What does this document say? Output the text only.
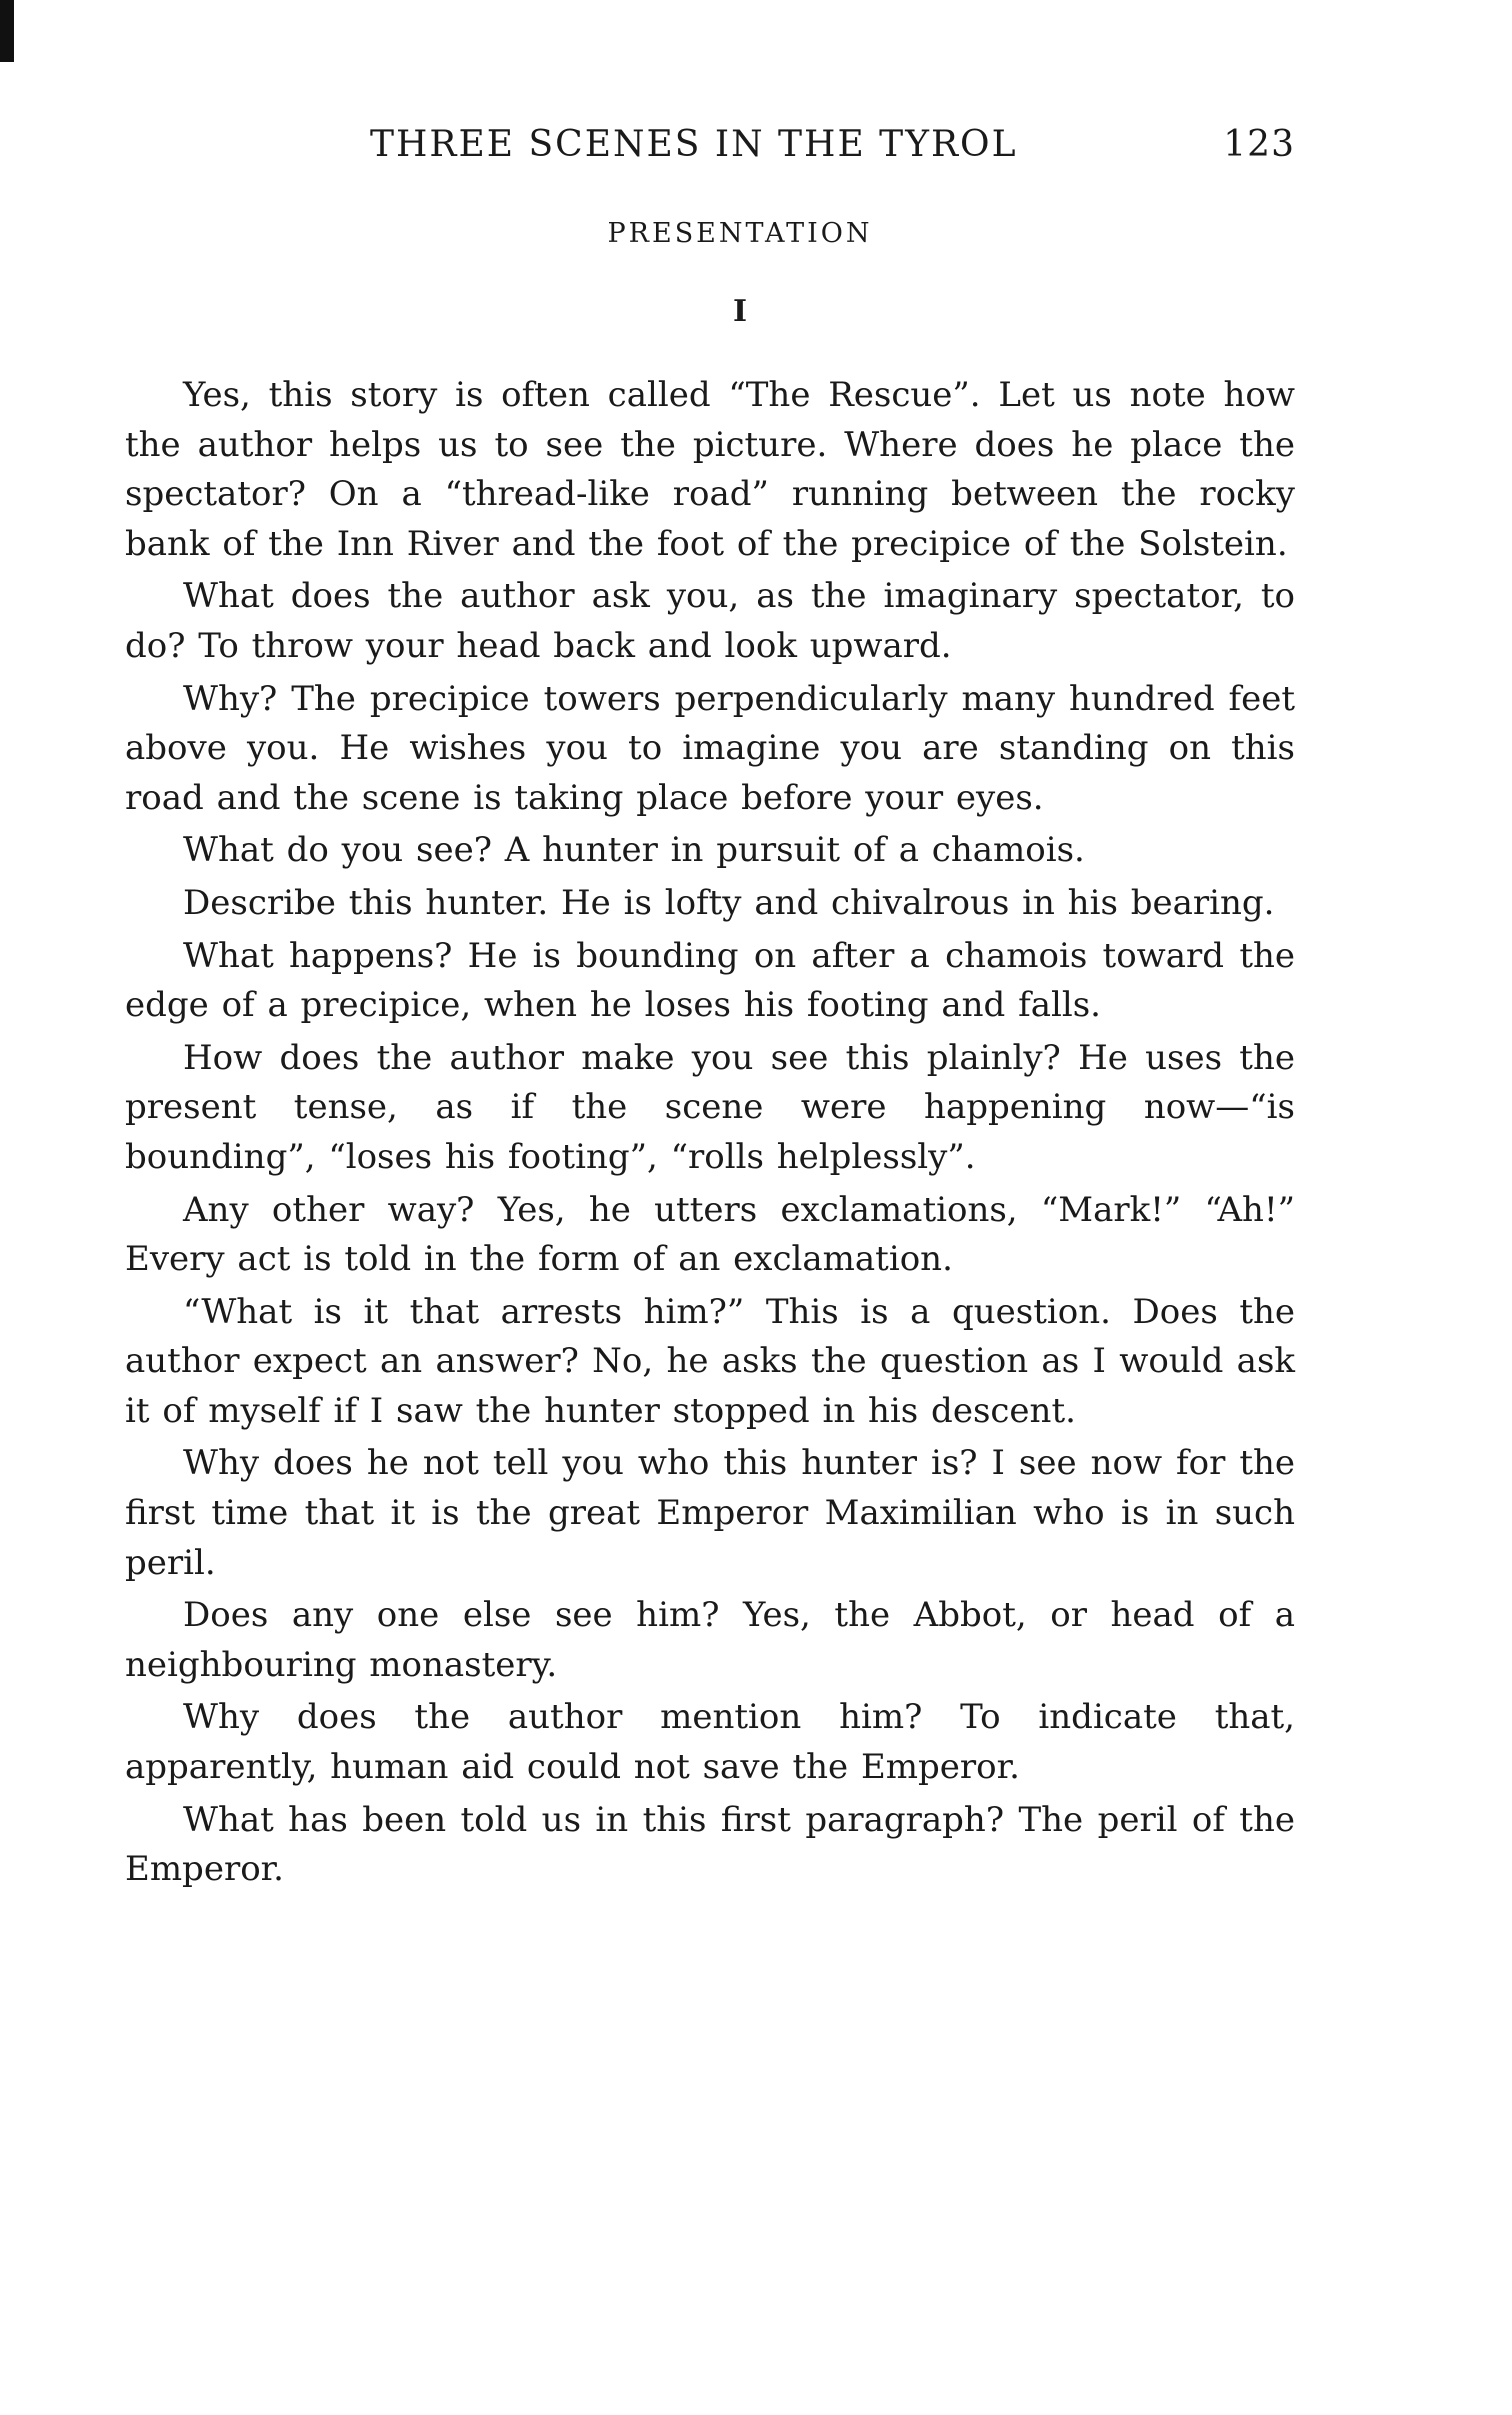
THREE SCENES IN THE TYROL	123
PRESENTATION
I

Yes, this story is often called “The Rescue”. Let us note how the author helps us to see the picture. Where does he place the spectator? On a “thread-like road” running between the rocky bank of the Inn River and the foot of the precipice of the Solstein.

What does the author ask you, as the imaginary spectator, to do? To throw your head back and look upward.

Why? The precipice towers perpendicularly many hundred feet above you. He wishes you to imagine you are standing on this road and the scene is taking place before your eyes.

What do you see? A hunter in pursuit of a chamois.

Describe this hunter. He is lofty and chivalrous in his bearing.

What happens? He is bounding on after a chamois toward the edge of a precipice, when he loses his footing and falls.

How does the author make you see this plainly? He uses the present tense, as if the scene were happening now—“is bounding”, “loses his footing”, “rolls helplessly”.

Any other way? Yes, he utters exclamations, “Mark!” “Ah!” Every act is told in the form of an exclamation.

“What is it that arrests him?” This is a question. Does the author expect an answer? No, he asks the question as I would ask it of myself if I saw the hunter stopped in his descent.

Why does he not tell you who this hunter is? I see now for the first time that it is the great Emperor Maximilian who is in such peril.

Does any one else see him? Yes, the Abbot, or head of a neighbouring monastery.

Why does the author mention him? To indicate that, apparently, human aid could not save the Emperor.

What has been told us in this first paragraph? The peril of the Emperor.
